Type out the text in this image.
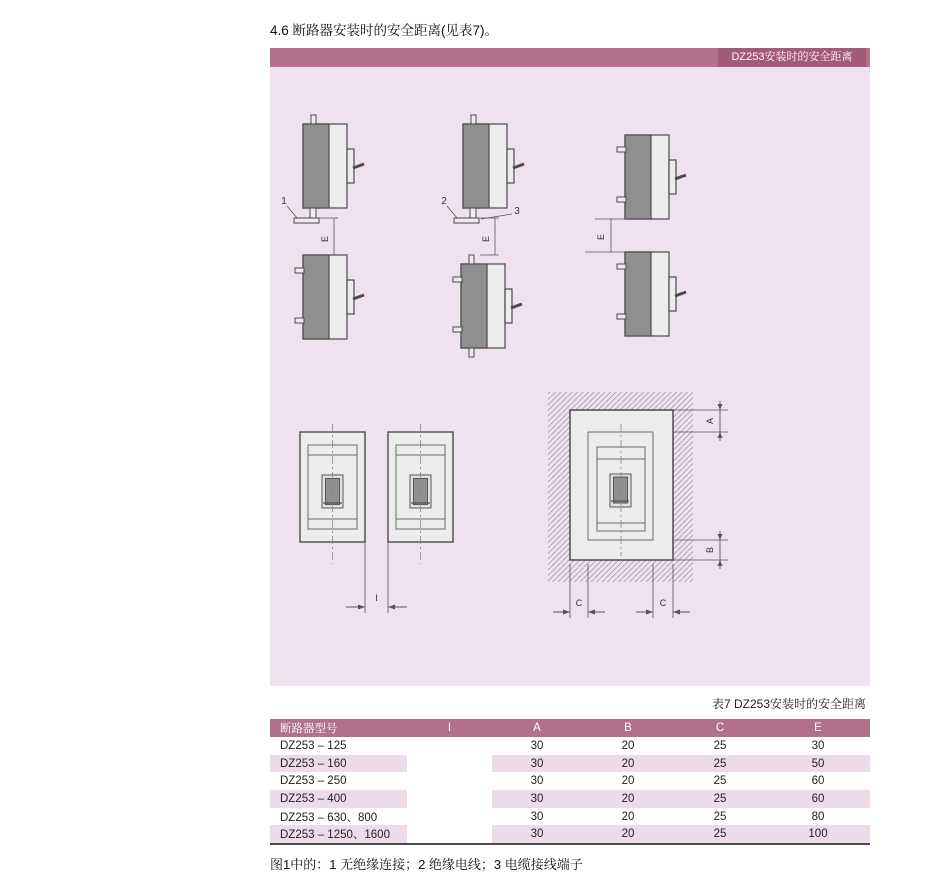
4.6 断路器安装时的安全距离(见表7)。
DZ253安装时的安全距离
1
E
2
3
E	E
I
A
B
C	C
表7 DZ253安装时的安全距离
断路器型号	I	A	B	C	E
DZ253 – 125		30	20	25	30
DZ253 – 160		30	20	25	50
DZ253 – 250		30	20	25	60
DZ253 – 400		30	20	25	60
DZ253 – 630、800		30	20	25	80
DZ253 – 1250、1600		30	20	25	100
图1中的：1 无绝缘连接；2 绝缘电线；3 电缆接线端子
